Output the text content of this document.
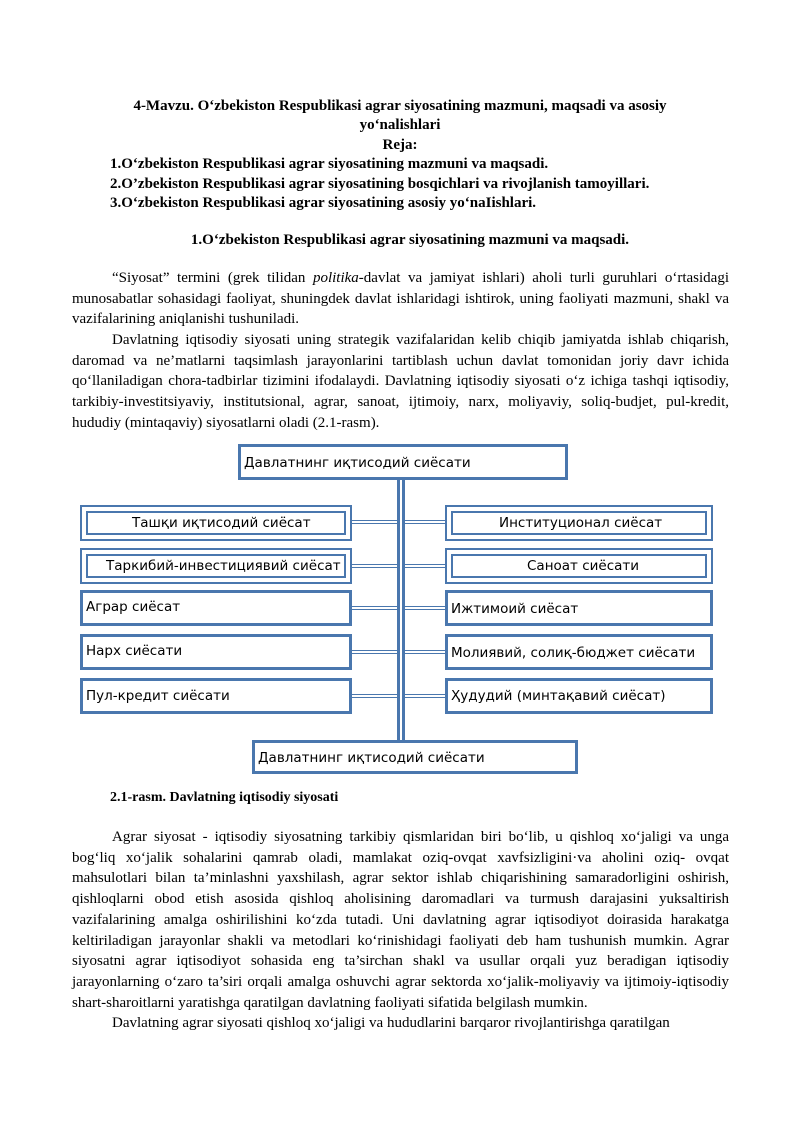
4-Mavzu. O‘zbekiston Respublikasi agrar siyosatining mazmuni, maqsadi va asosiy yo‘nalishlari
Reja:
1.O‘zbekiston Respublikasi agrar siyosatining mazmuni va maqsadi.
2.O’zbekiston Respublikasi agrar siyosatining bosqichlari va rivojlanish tamoyillari.
3.O‘zbekiston Respublikasi agrar siyosatining asosiy yo‘naIishlari.
1.O‘zbekiston Respublikasi agrar siyosatining mazmuni va maqsadi.
“Siyosat” termini (grek tilidan politika-davlat va jamiyat ishlari) aholi turli guruhlari o‘rtasidagi munosabatlar sohasidagi faoliyat, shuningdek davlat ishlaridagi ishtirok, uning faoliyati mazmuni, shakl va vazifalarining aniqlanishi tushuniladi.
Davlatning iqtisodiy siyosati uning strategik vazifalaridan kelib chiqib jamiyatda ishlab chiqarish, daromad va ne’matlarni taqsimlash jarayonlarini tartiblash uchun davlat tomonidan joriy davr ichida qo‘llaniladigan chora-tadbirlar tizimini ifodalaydi. Davlatning iqtisodiy siyosati o‘z ichiga tashqi iqtisodiy, tarkibiy-investitsiyaviy, institutsional, agrar, sanoat, ijtimoiy, narx, moliyaviy, soliq-budjet, pul-kredit, hududiy (mintaqaviy) siyosatlarni oladi (2.1-rasm).
Давлатнинг иқтисодий сиёсати
Ташқи иқтисодий сиёсат
Таркибий-инвестициявий сиёсат
Аграр сиёсат
Нарх сиёсати
Пул-кредит сиёсати
Институционал сиёсат
Саноат сиёсати
Ижтимоий сиёсат
Молиявий, солиқ-бюджет сиёсати
Ҳудудий (минтақавий сиёсат)
Давлатнинг иқтисодий сиёсати
2.1-rasm. Davlatning iqtisodiy siyosati
Agrar siyosat - iqtisodiy siyosatning tarkibiy qismlaridan biri bo‘lib, u qishloq xo‘jaligi va unga bog‘liq xo‘jalik sohalarini qamrab oladi, mamlakat oziq-ovqat xavfsizligini·va aholini oziq- ovqat mahsulotlari bilan ta’minlashni yaxshilash, agrar sektor ishlab chiqarishining samaradorligini oshirish, qishloqlarni obod etish asosida qishloq aholisining daromadlari va turmush darajasini yuksaltirish vazifalarining amalga oshirilishini ko‘zda tutadi. Uni davlatning agrar iqtisodiyot doirasida harakatga keltiriladigan jarayonlar shakli va metodlari ko‘rinishidagi faoliyati deb ham tushunish mumkin. Agrar siyosatni agrar iqtisodiyot sohasida eng ta’sirchan shakl va usullar orqali yuz beradigan iqtisodiy jarayonlarning o‘zaro ta’siri orqali amalga oshuvchi agrar sektorda xo‘jalik-moliyaviy va ijtimoiy-iqtisodiy shart-sharoitlarni yaratishga qaratilgan davlatning faoliyati sifatida belgilash mumkin.
Davlatning agrar siyosati qishloq xo‘jaligi va hududlarini barqaror rivojlantirishga qaratilgan
